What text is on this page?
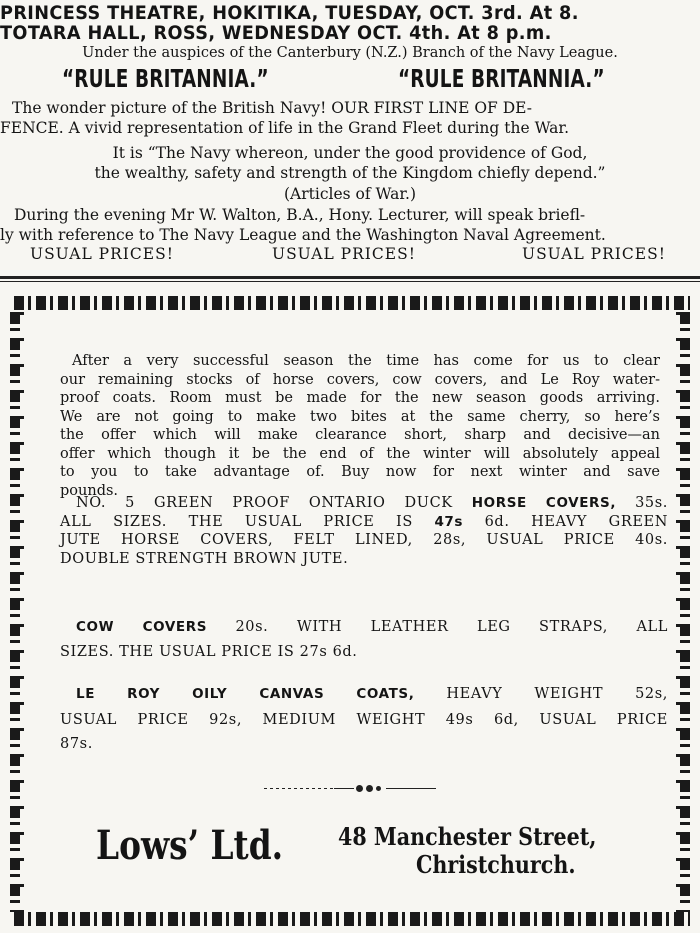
PRINCESS THEATRE, HOKITIKA, TUESDAY, OCT. 3rd. At 8.
TOTARA HALL, ROSS, WEDNESDAY OCT. 4th. At 8 p.m.
Under the auspices of the Canterbury (N.Z.) Branch of the Navy League.
“RULE BRITANNIA.”	“RULE BRITANNIA.”
The wonder picture of the British Navy! OUR FIRST LINE OF DE-
FENCE. A vivid representation of life in the Grand Fleet during the War.
It is “The Navy whereon, under the good providence of God,
the wealthy, safety and strength of the Kingdom chiefly depend.”
(Articles of War.)
During the evening Mr W. Walton, B.A., Hony. Lecturer, will speak briefl-
ly with reference to The Navy League and the Washington Naval Agreement.
USUAL PRICES!	USUAL PRICES!	USUAL PRICES!
After a very successful season the time has come for us to clear
our remaining stocks of horse covers, cow covers, and Le Roy water-
proof coats. Room must be made for the new season goods arriving.
We are not going to make two bites at the same cherry, so here’s
the offer which will make clearance short, sharp and decisive—an
offer which though it be the end of the winter will absolutely appeal
to you to take advantage of. Buy now for next winter and save
pounds.
NO. 5 GREEN PROOF ONTARIO DUCK HORSE COVERS, 35s.
ALL SIZES. THE USUAL PRICE IS 47s 6d. HEAVY GREEN
JUTE HORSE COVERS, FELT LINED, 28s, USUAL PRICE 40s.
DOUBLE STRENGTH BROWN JUTE.
COW COVERS 20s. WITH LEATHER LEG STRAPS, ALL
SIZES. THE USUAL PRICE IS 27s 6d.
LE ROY OILY CANVAS COATS, HEAVY WEIGHT 52s,
USUAL PRICE 92s, MEDIUM WEIGHT 49s 6d, USUAL PRICE
87s.
Lows’ Ltd. 48 Manchester Street,
Christchurch.
